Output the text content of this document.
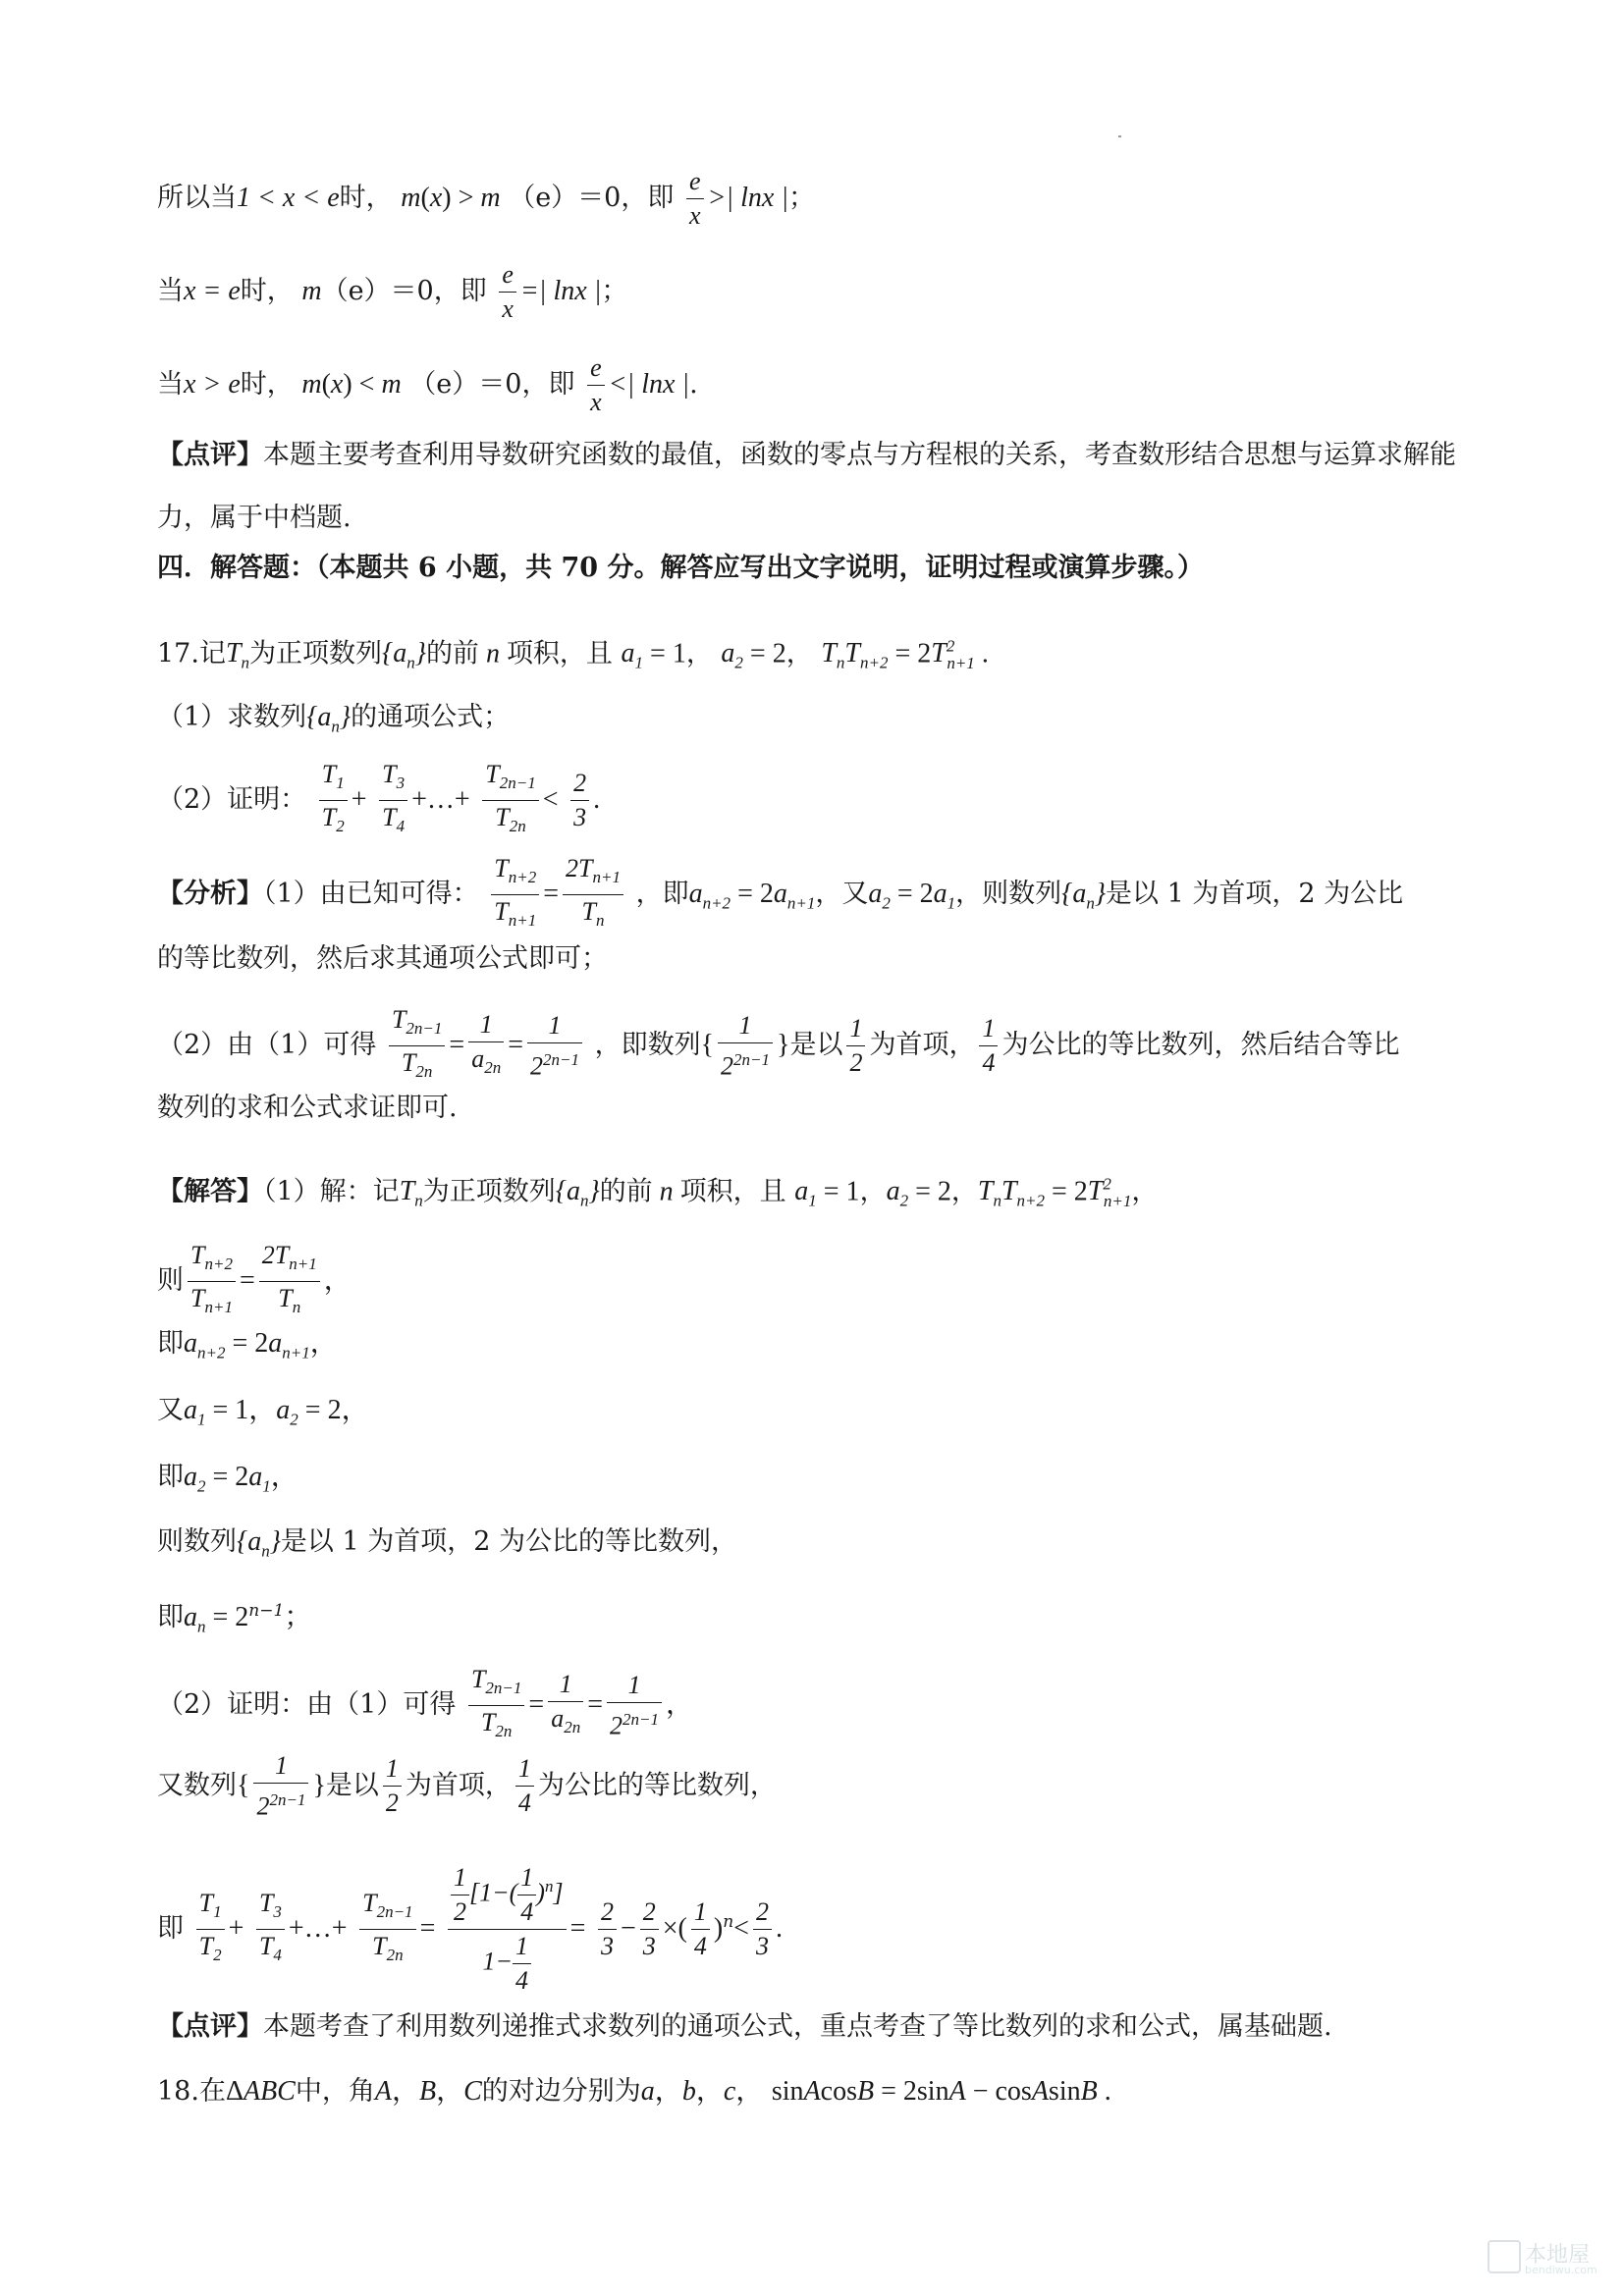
所以当1 < x < e时， m(x) > m （e）＝0，即 $\frac{e}{x}$ >| lnx |；
当x = e时， m（e）＝0，即 $\frac{e}{x}$ =| lnx |；
当x > e时， m(x) < m （e）＝0，即 $\frac{e}{x}$ <| lnx |.
【点评】本题主要考查利用导数研究函数的最值，函数的零点与方程根的关系，考查数形结合思想与运算求解能力，属于中档题.
四．解答题：（本题共 6 小题，共 70 分。解答应写出文字说明，证明过程或演算步骤。）
17.记$T_n$为正项数列$\{a_n\}$的前 n 项积，且 $a_1 = 1$， $a_2 = 2$， $T_nT_{n+2} = 2T^2_{n+1}$ .
（1）求数列$\{a_n\}$的通项公式；
（2）证明： $\frac{T_1}{T_2} + \frac{T_3}{T_4}$ +…+ $\frac{T_{2n-1}}{T_{2n}} < \frac{2}{3}$ .
【分析】（1）由已知可得： $\frac{T_{n+2}}{T_{n+1}} = \frac{2T_{n+1}}{T_n}$ ，即$a_{n+2} = 2a_{n+1}$，又$a_2 = 2a_1$，则数列$\{a_n\}$是以 1 为首项，2 为公比
的等比数列，然后求其通项公式即可；
（2）由（1）可得 $\frac{T_{2n-1}}{T_{2n}} = \frac{1}{a_{2n}} = \frac{1}{2^{2n-1}}$ ，即数列{ $\frac{1}{2^{2n-1}}$ }是以 $\frac{1}{2}$ 为首项， $\frac{1}{4}$ 为公比的等比数列，然后结合等比
数列的求和公式求证即可.
【解答】（1）解：记$T_n$为正项数列$\{a_n\}$的前 n 项积，且 $a_1 = 1$，$a_2 = 2$，$T_nT_{n+2} = 2T^2_{n+1}$，
则 $\frac{T_{n+2}}{T_{n+1}} = \frac{2T_{n+1}}{T_n}$ ，
即$a_{n+2} = 2a_{n+1}$，
又$a_1 = 1$，$a_2 = 2$，
即$a_2 = 2a_1$，
则数列$\{a_n\}$是以 1 为首项，2 为公比的等比数列，
即$a_n = 2^{n-1}$；
（2）证明：由（1）可得 $\frac{T_{2n-1}}{T_{2n}} = \frac{1}{a_{2n}} = \frac{1}{2^{2n-1}}$ ，
又数列{ $\frac{1}{2^{2n-1}}$ }是以 $\frac{1}{2}$ 为首项， $\frac{1}{4}$ 为公比的等比数列，
即 $\frac{T_1}{T_2} + \frac{T_3}{T_4}$ +…+ $\frac{T_{2n-1}}{T_{2n}} = \frac{\frac{1}{2} [1-( \frac{1}{4} )^n]}{1- \frac{1}{4}} = \frac{2}{3} - \frac{2}{3}$ ×( $\frac{1}{4} )^n< \frac{2}{3}$ .
【点评】本题考查了利用数列递推式求数列的通项公式，重点考查了等比数列的求和公式，属基础题.
18.在ΔABC中，角A，B，C的对边分别为a，b，c， sinAcosB = 2sinA − cosAsinB .
本地屋
bendiwu.com
